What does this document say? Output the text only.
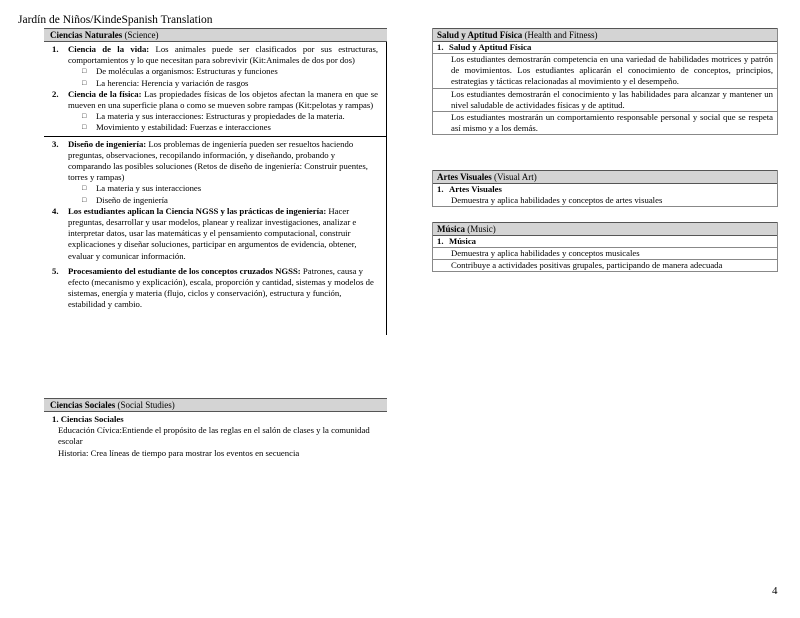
Jardín de Niños/KindeSpanish Translation
Ciencias Naturales (Science)
1.	Ciencia de la vida: Los animales puede ser clasificados por sus estructuras, comportamientos y lo que necesitan para sobrevivir (Kit:Animales de dos por dos)
□	De moléculas a organismos: Estructuras y funciones
□	La herencia: Herencia y variación de rasgos
2.	Ciencia de la física: Las propiedades físicas de los objetos afectan la manera en que se mueven en una superficie plana o como se mueven sobre rampas (Kit:pelotas y rampas)
□	La materia y sus interacciones: Estructuras y propiedades de la materia.
□	Movimiento y estabilidad: Fuerzas e interacciones
3.	Diseño de ingeniería: Los problemas de ingeniería pueden ser resueltos haciendo preguntas, observaciones, recopilando información, y diseñando, probando y comparando las posibles soluciones (Retos de diseño de ingeniería: Construir puentes, torres y rampas)
□	La materia y sus interacciones
□	Diseño de ingeniería
4.	Los estudiantes aplican la Ciencia NGSS y las prácticas de ingeniería: Hacer preguntas, desarrollar y usar modelos, planear y realizar investigaciones, analizar e interpretar datos, usar las matemáticas y el pensamiento computacional, construir explicaciones y diseñar soluciones, participar en argumentos de evidencia, obtener, evaluar y comunicar información.
5.	Procesamiento del estudiante de los conceptos cruzados NGSS: Patrones, causa y efecto (mecanismo y explicación), escala, proporción y cantidad, sistemas y modelos de sistemas, energía y materia (flujo, ciclos y conservación), estructura y función, estabilidad y cambio.
Ciencias Sociales (Social Studies)
1. Ciencias Sociales
Educación Cívica:Entiende el propósito de las reglas en el salón de clases y la comunidad escolar
Historia: Crea líneas de tiempo para mostrar los eventos en secuencia
Salud y Aptitud Física (Health and Fitness)
1. Salud y Aptitud Física
Los estudiantes demostrarán competencia en una variedad de habilidades motrices y patrón de movimientos. Los estudiantes aplicarán el conocimiento de conceptos, principios, estrategias y tácticas relacionadas al movimiento y el desempeño.
Los estudiantes demostrarán el conocimiento y las habilidades para alcanzar y mantener un nivel saludable de actividades físicas y de aptitud.
Los estudiantes mostrarán un comportamiento responsable personal y social que se respeta así mismo y a los demás.
Artes Visuales (Visual Art)
1. Artes Visuales
Demuestra y aplica habilidades y conceptos de artes visuales
Música (Music)
1. Música
Demuestra y aplica habilidades y conceptos musicales
Contribuye a actividades positivas grupales, participando de manera adecuada
4
